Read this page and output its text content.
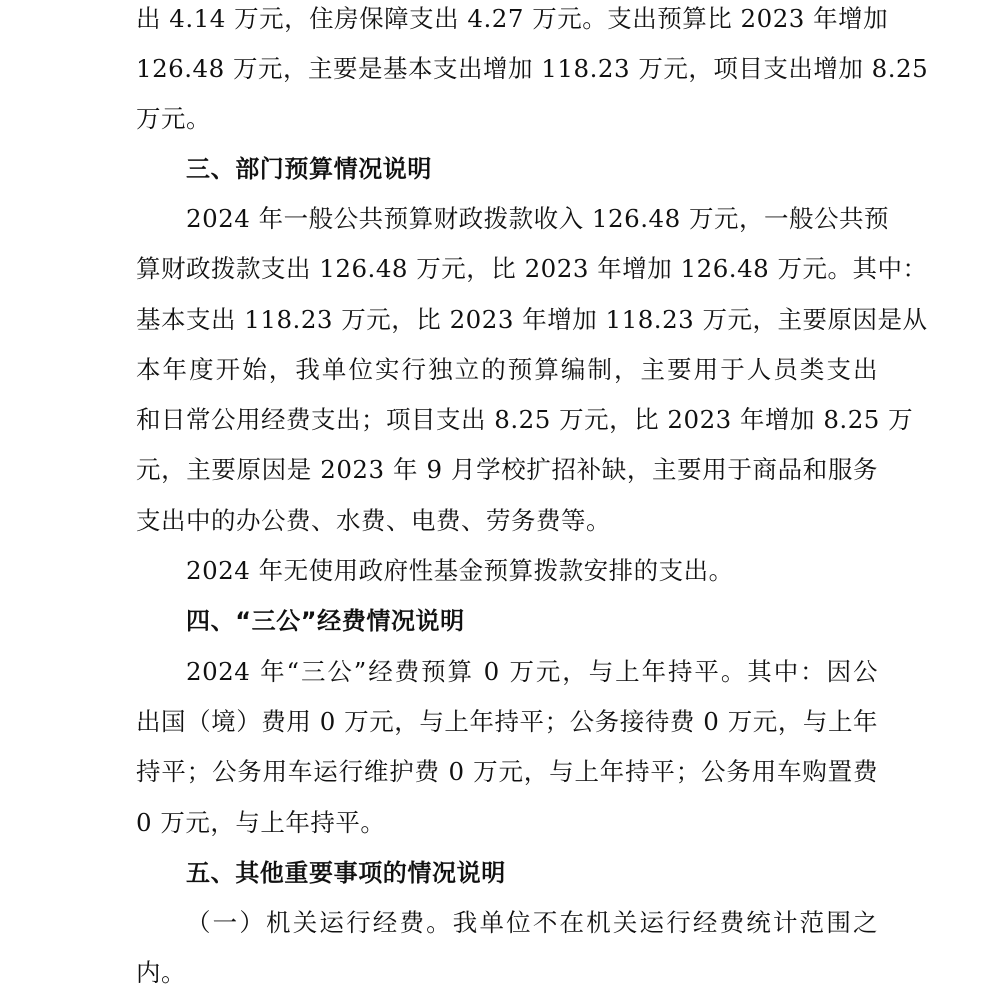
出 4.14 万元，住房保障支出 4.27 万元。支出预算比 2023 年增加
126.48 万元，主要是基本支出增加 118.23 万元，项目支出增加 8.25
万元。
三、部门预算情况说明
2024 年一般公共预算财政拨款收入 126.48 万元，一般公共预
算财政拨款支出 126.48 万元，比 2023 年增加 126.48 万元。其中：
基本支出 118.23 万元，比 2023 年增加 118.23 万元，主要原因是从
本年度开始，我单位实行独立的预算编制，主要用于人员类支出
和日常公用经费支出；项目支出 8.25 万元，比 2023 年增加 8.25 万
元，主要原因是 2023 年 9 月学校扩招补缺，主要用于商品和服务
支出中的办公费、水费、电费、劳务费等。
2024 年无使用政府性基金预算拨款安排的支出。
四、“三公”经费情况说明
2024 年“三公”经费预算 0 万元，与上年持平。其中：因公
出国（境）费用 0 万元，与上年持平；公务接待费 0 万元，与上年
持平；公务用车运行维护费 0 万元，与上年持平；公务用车购置费
0 万元，与上年持平。
五、其他重要事项的情况说明
（一）机关运行经费。我单位不在机关运行经费统计范围之
内。
